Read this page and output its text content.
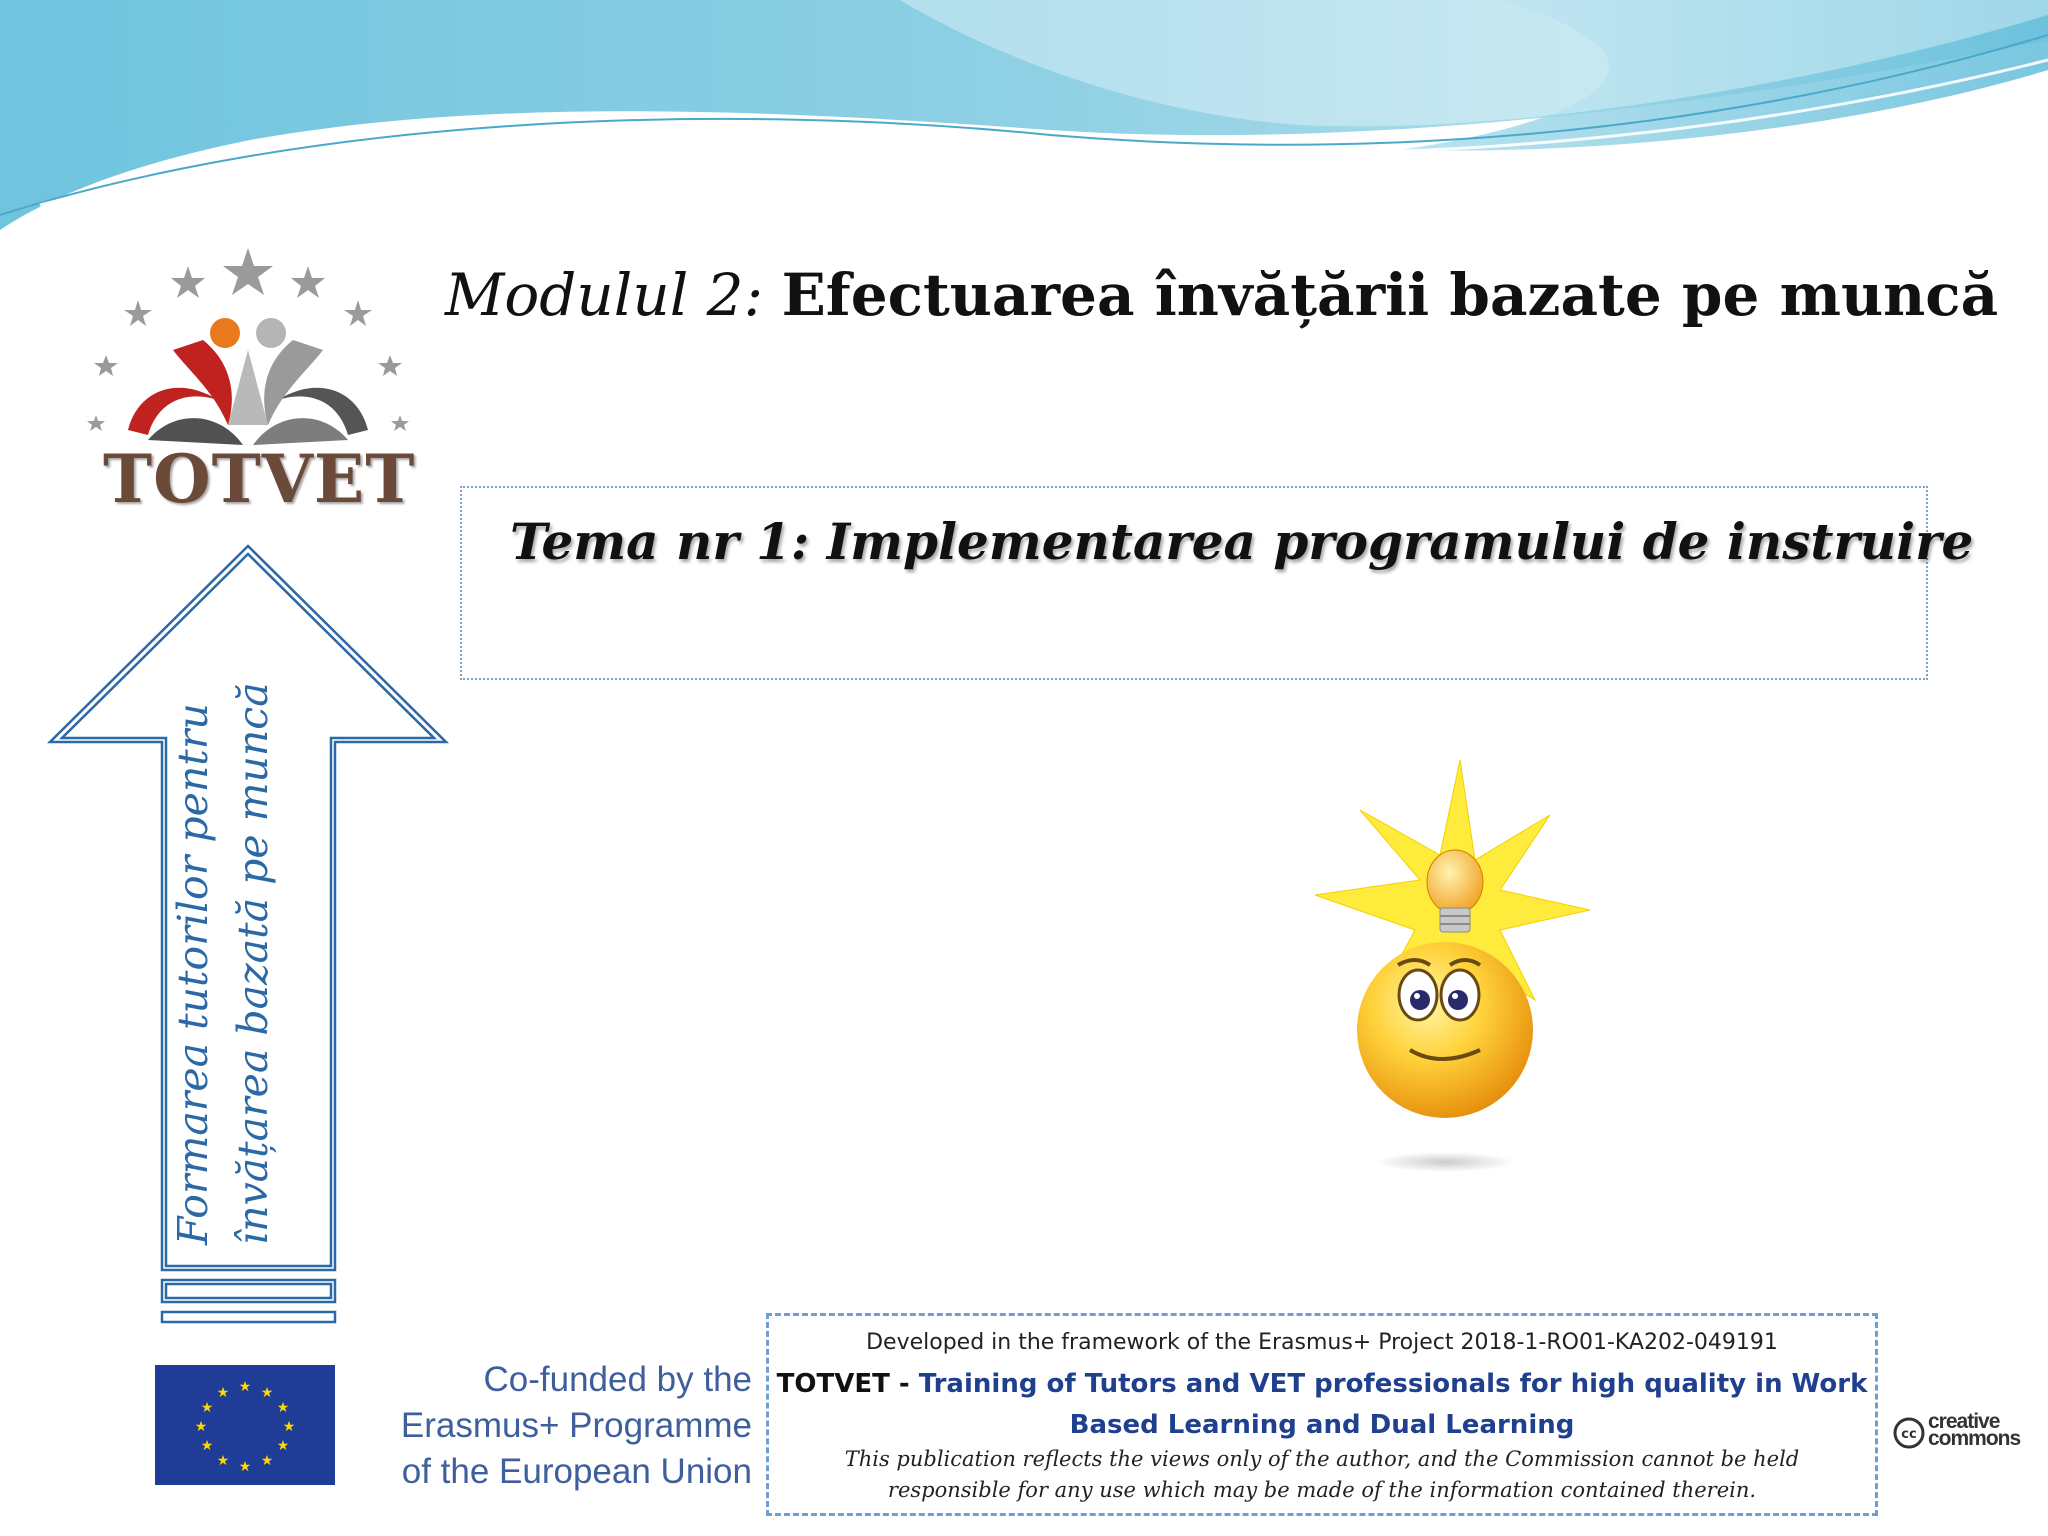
TOTVET
Modulul 2: Efectuarea învățării bazate pe muncă
Tema nr 1: Implementarea programului de instruire
Formarea tutorilor pentru învățarea bazată pe muncă
★ ★
★
★
★
★
★
★
★
★
★
★	Co-funded by the
Erasmus+ Programme
of the European Union
Developed in the framework of the Erasmus+ Project 2018-1-RO01-KA202-049191
TOTVET - Training of Tutors and VET professionals for high quality in Work
Based Learning and Dual Learning
This publication reflects the views only of the author, and the Commission cannot be held
responsible for any use which may be made of the information contained therein.
cc
creative
commons
